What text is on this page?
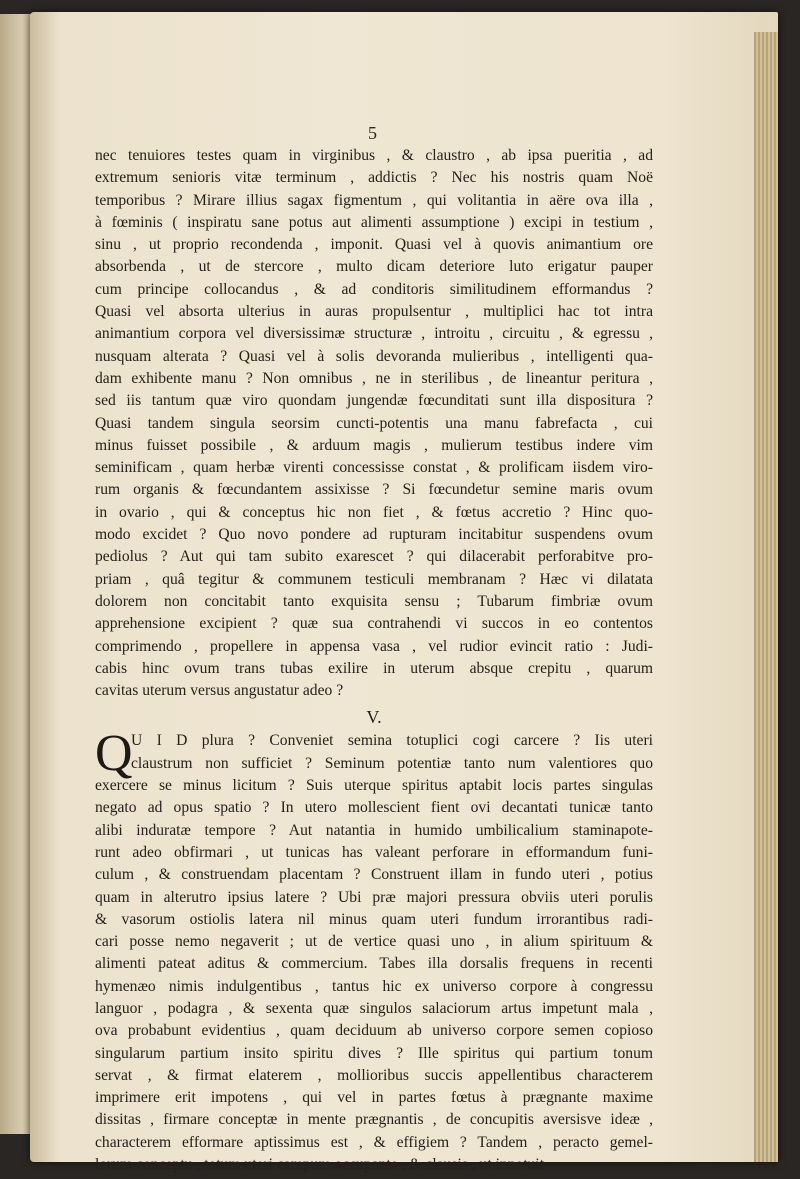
5
nec tenuiores testes quam in virginibus , & claustro , ab ipsa pueritia , ad
extremum senioris vitæ terminum , addictis ? Nec his nostris quam Noë
temporibus ? Mirare illius sagax figmentum , qui volitantia in aëre ova illa ,
à fœminis ( inspiratu sane potus aut alimenti assumptione ) excipi in testium ,
sinu , ut proprio recondenda , imponit. Quasi vel à quovis animantium ore
absorbenda , ut de stercore , multo dicam deteriore luto erigatur pauper
cum principe collocandus , & ad conditoris similitudinem efformandus ?
Quasi vel absorta ulterius in auras propulsentur , multiplici hac tot intra
animantium corpora vel diversissimæ structuræ , introitu , circuitu , & egressu ,
nusquam alterata ? Quasi vel à solis devoranda mulieribus , intelligenti qua-
dam exhibente manu ? Non omnibus , ne in sterilibus , de lineantur peritura ,
sed iis tantum quæ viro quondam jungendæ fœcunditati sunt illa dispositura ?
Quasi tandem singula seorsim cuncti-potentis una manu fabrefacta , cui
minus fuisset possibile , & arduum magis , mulierum testibus indere vim
seminificam , quam herbæ virenti concessisse constat , & prolificam iisdem viro-
rum organis & fœcundantem assixisse ? Si fœcundetur semine maris ovum
in ovario , qui & conceptus hic non fiet , & fœtus accretio ? Hinc quo-
modo excidet ? Quo novo pondere ad rupturam incitabitur suspendens ovum
pediolus ? Aut qui tam subito exarescet ? qui dilacerabit perforabitve pro-
priam , quâ tegitur & communem testiculi membranam ? Hæc vi dilatata
dolorem non concitabit tanto exquisita sensu ; Tubarum fimbriæ ovum
apprehensione excipient ? quæ sua contrahendi vi succos in eo contentos
comprimendo , propellere in appensa vasa , vel rudior evincit ratio : Judi-
cabis hinc ovum trans tubas exilire in uterum absque crepitu , quarum
cavitas uterum versus angustatur adeo ?
V.
Q
U I D plura ? Conveniet semina totuplici cogi carcere ? Iis uteri
claustrum non sufficiet ? Seminum potentiæ tanto num valentiores quo
exercere se minus licitum ? Suis uterque spiritus aptabit locis partes singulas
negato ad opus spatio ? In utero mollescient fient ovi decantati tunicæ tanto
alibi induratæ tempore ? Aut natantia in humido umbilicalium staminapote-
runt adeo obfirmari , ut tunicas has valeant perforare in efformandum funi-
culum , & construendam placentam ? Construent illam in fundo uteri , potius
quam in alterutro ipsius latere ? Ubi præ majori pressura obviis uteri porulis
& vasorum ostiolis latera nil minus quam uteri fundum irrorantibus radi-
cari posse nemo negaverit ; ut de vertice quasi uno , in alium spirituum &
alimenti pateat aditus & commercium. Tabes illa dorsalis frequens in recenti
hymenæo nimis indulgentibus , tantus hic ex universo corpore à congressu
languor , podagra , & sexenta quæ singulos salaciorum artus impetunt mala ,
ova probabunt evidentius , quam deciduum ab universo corpore semen copioso
singularum partium insito spiritu dives ? Ille spiritus qui partium tonum
servat , & firmat elaterem , mollioribus succis appellentibus characterem
imprimere erit impotens , qui vel in partes fœtus à prægnante maxime
dissitas , firmare conceptæ in mente prægnantis , de concupitis aversisve ideæ ,
characterem efformare aptissimus est , & effigiem ? Tandem , peracto gemel-
lorum conceptu , totum uteri campum occupante , & clausis , ut innotuit
